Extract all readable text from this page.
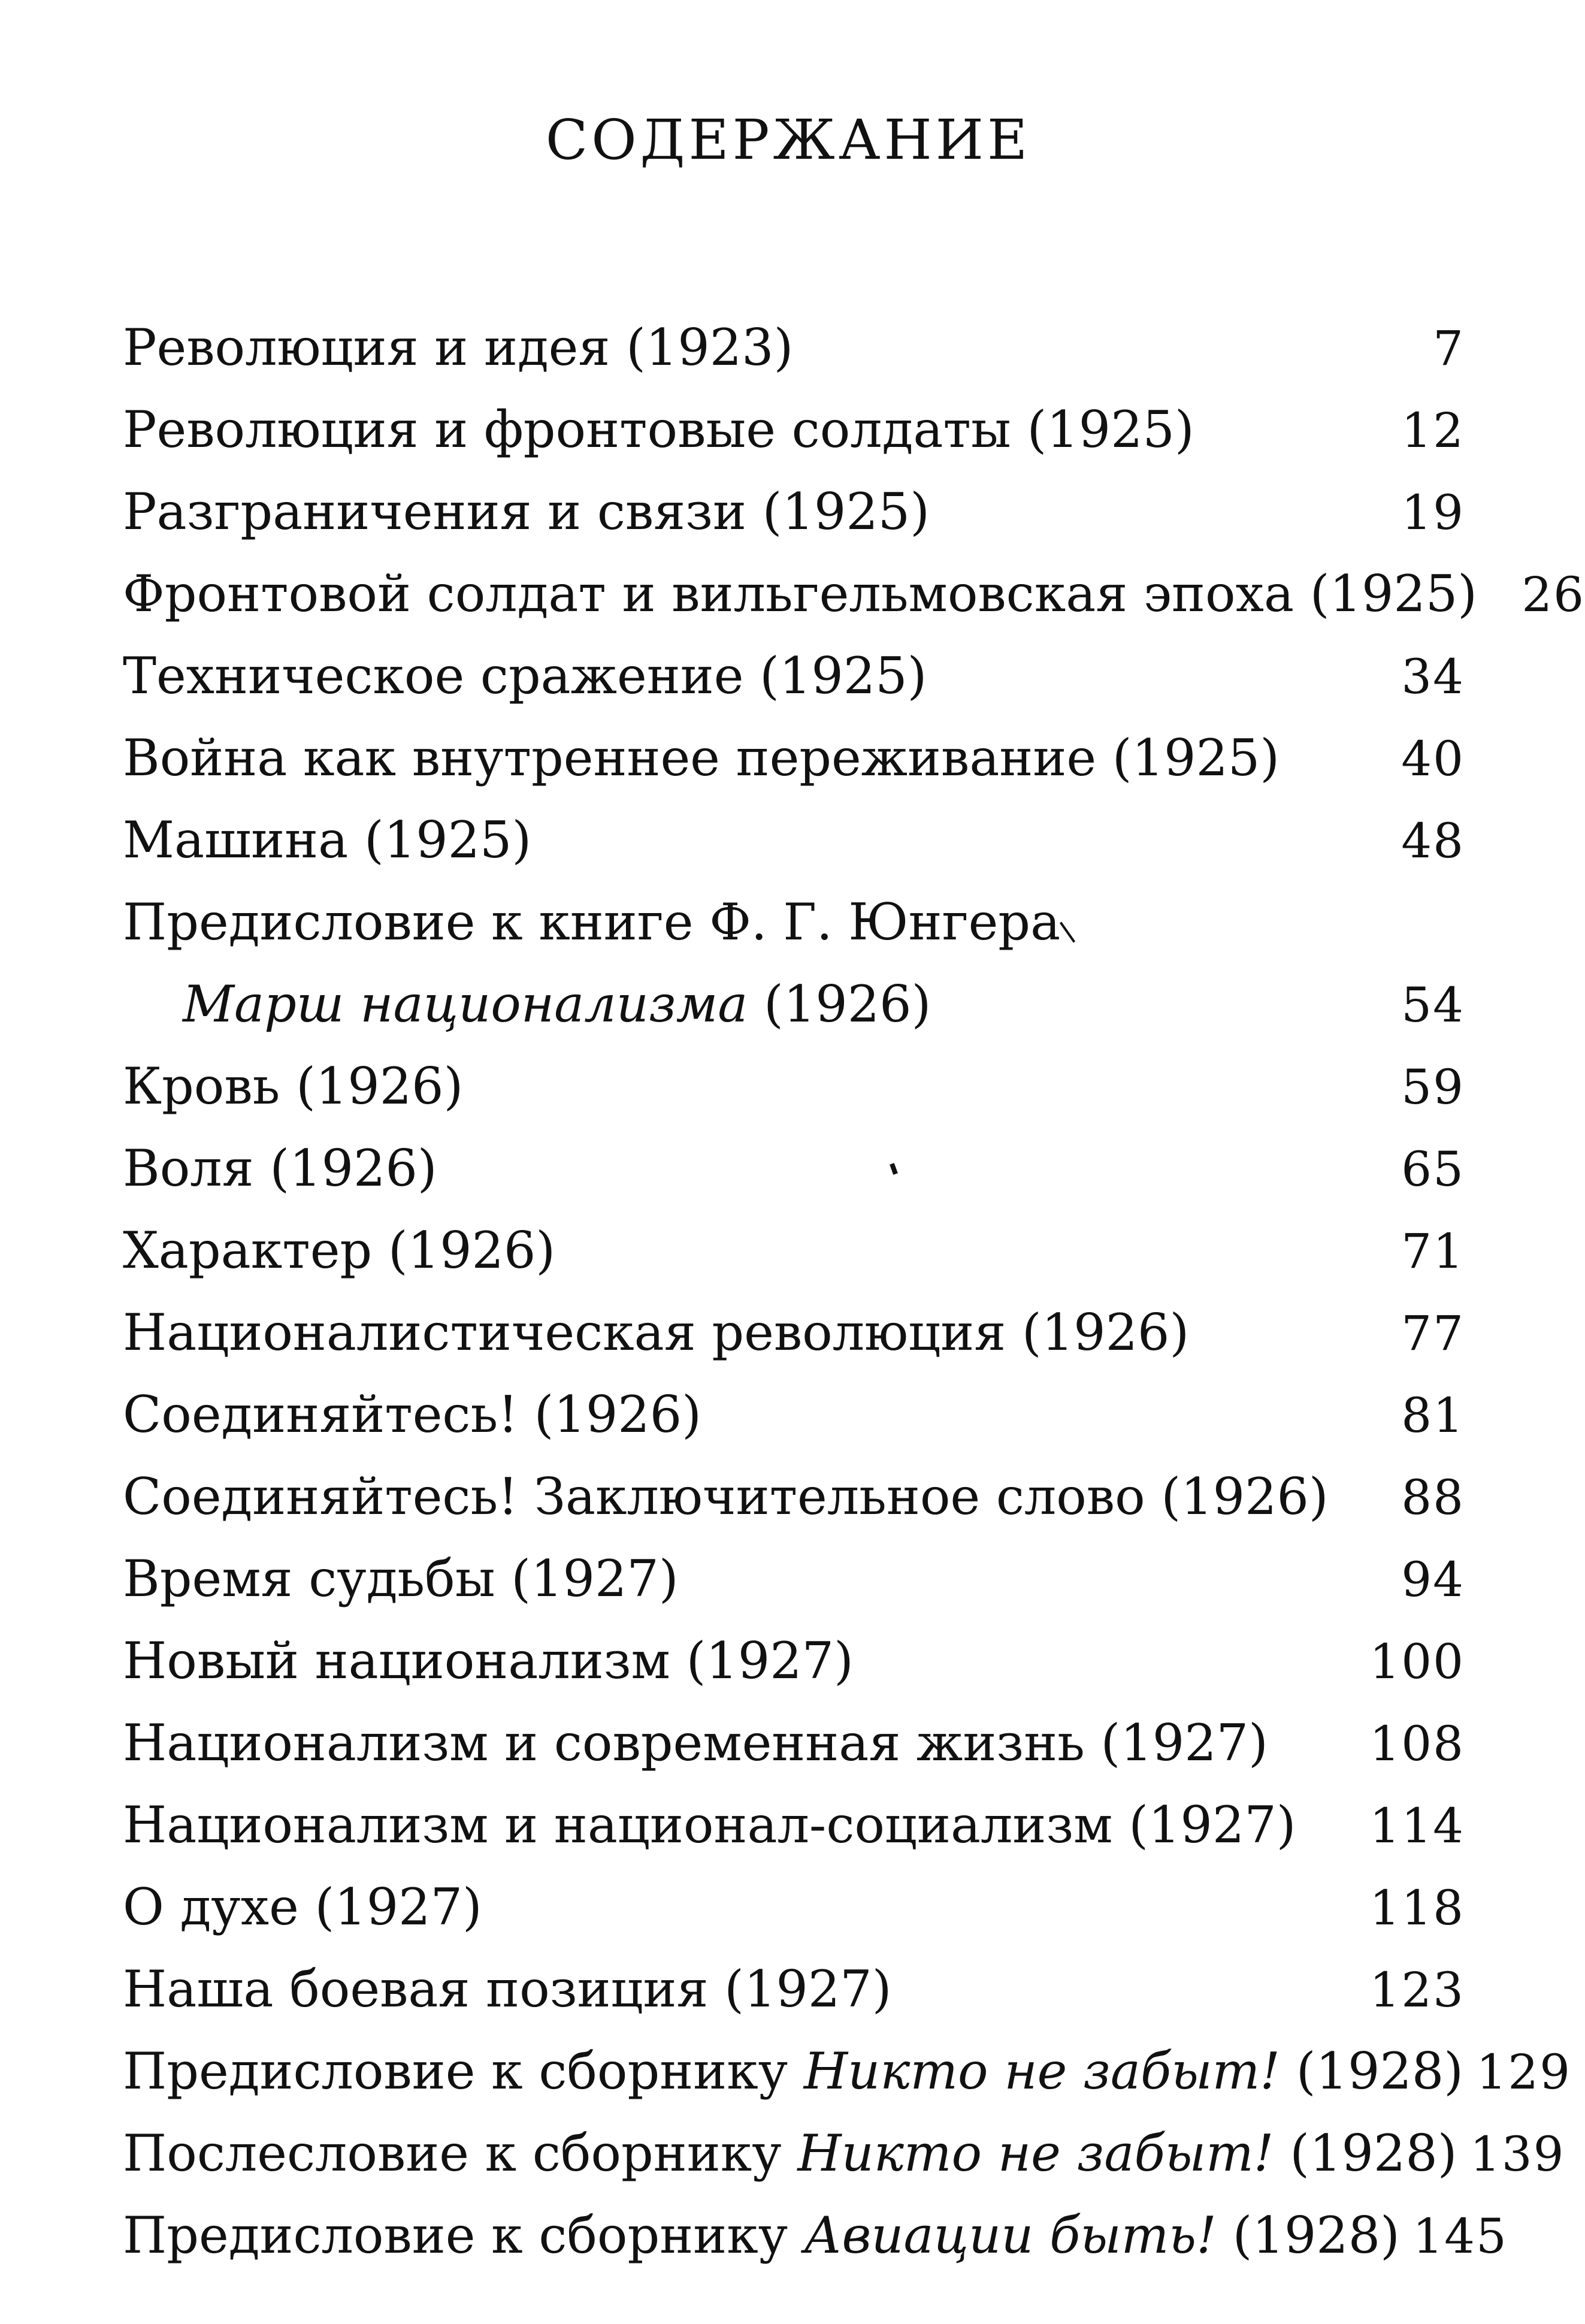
СОДЕРЖАНИЕ
Революция и идея (1923)	7
Революция и фронтовые солдаты (1925)	12
Разграничения и связи (1925)	19
Фронтовой солдат и вильгельмовская эпоха (1925) 26
Техническое сражение (1925)	34
Война как внутреннее переживание (1925)	40
Машина (1925)	48
Предисловие к книге Ф. Г. Юнгера
Марш национализма (1926)	54
Кровь (1926)	59
Воля (1926)	65
Характер (1926)	71
Националистическая революция (1926)	77
Соединяйтесь! (1926)	81
Соединяйтесь! Заключительное слово (1926)	88
Время судьбы (1927)	94
Новый национализм (1927)	100
Национализм и современная жизнь (1927) 108
Национализм и национал-социализм (1927) 114
О духе (1927)	118
Наша боевая позиция (1927)	123
Предисловие к сборнику Никто не забыт! (1928) 129
Послесловие к сборнику Никто не забыт! (1928) 139
Предисловие к сборнику Авиации быть! (1928) 145
